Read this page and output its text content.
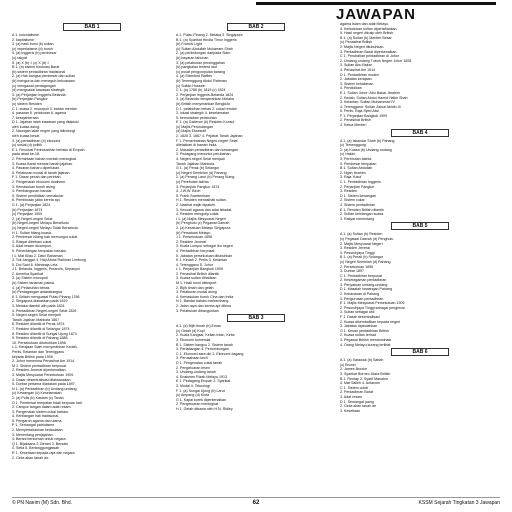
JAWAPAN
BAB 1
A 1. kolonialisme
2. kapitalisme
3. (a) hasil bumi (b) sultan
(c) imperialisme (d) buruh
4. (a) Inggeris (b) pembesar
(c) rakyat
5. (a) X (b) √ (c) X (d) √
B 1. (a) sistem birokrasi Barat
(b) sistem pentadbiran tradisional
2. (a) Hak bangsa pembesar dan sultan
(b) mengurus dan meneguh kekuasaan
(c) mengawal perdagangan
(d) menguasai kawasan strategik
3. (a) Perjanjian Inggeris-Belanda
(b) Perjanjian Pangkor
(c) sistem Residen
C 1. kuasa 2. monopoli 3. bahan mentah
4. pasaran 5. pelaburan 6. agama
7. kesejahteraan
D 1. Jajahan ialah kawasan yang ditakluki
oleh kuasa asing.
2. Naungan ialah negeri yang dilindungi
oleh kuasa besar.
3. (a) pentadbiran (b) ekonomi
(c) sosial (d) politik
E 1. Revolusi Perindustrian berlaku di Eropah
pada abad ke-18.
2. Permintaan bahan mentah meningkat.
3. Kuasa Barat mencari tanah jajahan.
4. Pasaran baharu diperlukan.
5. Pelaburan modal di tanah jajahan.
F 1. Dasar pecah dan perintah.
2. Pengenalan ekonomi dualisme.
3. Kemasukan buruh asing.
4. Pembangunan bandar.
5. Sistem pendidikan vernakular.
6. Pembinaan jalan kereta api.
G 1. (a) Perjanjian 1824
(b) Perjanjian 1874
(c) Perjanjian 1909
2. (a) Negeri-negeri Selat
(b) Negeri-negeri Melayu Bersekutu
(c) Negeri-negeri Melayu Tidak Bersekutu
H 1. Sultan hilang kuasa.
2. Pembesar hilang hak memungut cukai.
3. Rakyat dibebani cukai.
4. Adat resam dicampuri.
5. Penentangan tempatan berlaku.
I 1. Mat Kilau 2. Dato' Bahaman
3. Tok Janggut 4. Haji Abdul Rahman Limbong
5. Dol Said 6. Maharaja Lela
J 1. Belanda, Inggeris, Perancis, Sepanyol
2. Amerika Syarikat
3. (a) Sistem monopoli
(b) Sistem tanaman paksa
4. (a) Pelabuhan bebas
(b) Perdagangan antarabangsa
K 1. Britain menguasai Pulau Pinang 1786
2. Singapura diasaskan pada 1819
3. Melaka diambil alih pada 1824
4. Pentadbiran Negeri-negeri Selat 1826
5. Negeri-negeri Selat menjadi
Tanah Jajahan Mahkota 1867
6. Residen dilantik di Perak 1874
7. Residen dilantik di Selangor 1874
8. Residen dilantik di Sungai Ujong 1874
9. Residen dilantik di Pahang 1888
10. Persekutuan ditubuhkan 1896
L 1. Kerajaan Siam menyerahkan Kedah,
Perlis, Kelantan dan Terengganu
kepada British pada 1909.
2. Johor menerima Penasihat Am 1914.
M 1. Sistem pentadbiran berpusat.
2. Residen-Jeneral diperkenalkan.
3. Majlis Mesyuarat Persekutuan 1909.
4. Dasar desentralisasi dilaksanakan.
5. Durbar pertama diadakan pada 1897.
N 1. (a) Pentadbiran (b) Undang-undang
(c) Kewangan (d) Keselamatan
2. (a) Polis (b) Kastam (c) Tanah
O 1. Pembesar tempatan tidak berpuas hati.
2. Campur tangan dalam adat resam.
3. Pengenalan sistem cukai baharu.
4. Kehilangan hak tradisional.
5. Pengaruh agama dan ulama.
P 1. Semangat patriotisme.
2. Mempertahankan kedaulatan.
3. Menentang penjajahan.
4. Berani berkorban untuk negara.
Q 1. Bijaksana 2. Berani 3. Bersatu
4. Setia 5. Bertanggungjawab
R 1. Kesetiaan kepada raja dan negara.
2. Cinta akan tanah air.
BAB 2
A 1. Pulau Pinang 2. Melaka 3. Singapura
B 1. (a) Syarikat Hindia Timur Inggeris
(b) Francis Light
(c) Sultan Abdullah Mukarram Shah
2. (a) perlindungan daripada Siam
(b) bayaran tahunan
3. (a) pelabuhan persinggahan
(b) pangkalan tentera laut
(c) pusat pengumpulan barang
4. (a) Stamford Raffles
(b) Temenggung Abdul Rahman
(c) Sultan Hussein
C 1. (a) 1786 (b) 1819 (c) 1824
2. Perjanjian Inggeris-Belanda 1824
3. (a) Belanda menyerahkan Melaka
(b) British menyerahkan Bengkulu
D 1. pelabuhan bebas 2. cukai rendah
3. lokasi strategik 4. keselamatan
5. kemudahan pelabuhan
E 1. (a) Gabenor (b) Residen Konsul
(c) Majlis Perundangan
(d) Majlis Eksekutif
2. 1826 3. 1867 4. Pejabat Tanah Jajahan
F 1. Pemerintahan Negeri-negeri Selat
diletakkan di bawah India.
2. Masalah pentadbiran dan kewangan.
3. Pedagang menuntut perubahan.
4. Negeri-negeri Selat menjadi
Tanah Jajahan Mahkota.
G 1. (a) Perak (b) Selangor
(c) Negeri Sembilan (d) Pahang
2. (a) Perang Larut (b) Perang Klang
(c) Perebutan takhta
3. Perjanjian Pangkor 1874
4. J.W.W. Birch
5. Frank Swettenham
H 1. Residen menasihati sultan.
2. Nasihat wajib dipatuhi.
3. Kecuali agama dan adat istiadat.
4. Residen mengutip cukai.
I 1. (a) Majlis Mesyuarat Negeri
(b) Penghulu (c) Pegawai Daerah
2. (a) Kesatuan Melayu Singapura
(b) Persatuan Melayu
J 1. Persekutuan 1896
2. Residen Jeneral
3. Kuala Lumpur sebagai ibu negeri
4. Pentadbiran berpusat
5. Jabatan persekutuan ditubuhkan
K 1. Kedah 2. Perlis 3. Kelantan
4. Terengganu 5. Johor
L 1. Perjanjian Bangkok 1909
2. Penasihat British dilantik
3. Kuasa sultan dihadkan
M 1. Hasil bumi dieksport
2. Bijih timah dan getah
3. Pelaburan modal asing
4. Kemasukan buruh Cina dan India
N 1. Bandar baharu berkembang
2. Jalan raya dan kereta api dibina
3. Pelabuhan dibangunkan
BAB 3
A 1. (a) Bijih timah (b) Emas
(c) Getah (d) Kopi
2. Kuala Kangsar, Kelian Intan, Kinta
3. Ekonomi komersial
B 1. Sistem kangcu 2. Sistem tanah
3. Perladangan 4. Perlombongan
C 1. Ekonomi sara diri 2. Ekonomi dagang
3. Perusahaan kecil
D 1. Pengenalan cukai tanah
2. Pengeluaran lesen
3. Undang-undang tanah
4. Enakmen Rizab Melayu 1913
E 1. Pedagang Eropah 2. Syarikat
3. Modal 4. Teknologi
F 1. (a) Sungai Ujong (b) Larut
(c) Ampang (d) Kinta
G 1. Kapal korek diperkenalkan
2. Pengeluaran meningkat
H 1. Getah dibawa oleh H.N. Ridley
agama Islam dan adat Melayu.
4. Kedudukan sultan dipertahankan.
5. Hasil negeri dikutip oleh British.
B 1. (a) Sultan (b) Menteri Besar
(c) Penasihat British
2. Majlis Negeri ditubuhkan.
3. Pentadbiran Barat diperkenalkan.
C 1. Perubahan pentadbiran di Johor
2. Undang-undang Tubuh Negeri Johor 1895
3. Sultan Abu Bakar
4. Penasihat Am 1914
D 1. Pentadbiran moden
2. Jabatan kerajaan
3. Sistem kehakiman
4. Pendidikan
E 1. Sultan Johor: Abu Bakar, Ibrahim
2. Kedah: Sultan Abdul Hamid Halim Shah
3. Kelantan: Sultan Muhammad IV
4. Terengganu: Sultan Zainal Abidin III
5. Perlis: Raja Syed Alwi
F 1. Perjanjian Bangkok 1909
2. Penasihat British
3. Ketua Menteri
BAB 4
A 1. (a) Iskandar Shah (b) Pahang
(c) Temenggung
2. (a) Kuasa (b) Undang-undang
(c) Hakim
3. Perebutan takhta
4. Pembesar tempatan
B 1. Sultan Abdullah
2. Ngah Ibrahim
3. Raja Yusuf
C 1. Pentadbiran Inggeris
2. Perjanjian Pangkor
3. Residen
D 1. Sistem kewangan
2. Sistem cukai
3. Sistem pentadbiran
E 1. Residen British dilantik
2. Sultan kehilangan kuasa
3. Rakyat menentang
BAB 5
A 1. (a) Sultan (b) Residen
(c) Pegawai Daerah (d) Penghulu
2. Majlis Mesyuarat Negeri
3. Residen Jeneral
4. Pesuruhjaya Tinggi
B 1. (a) Perak (b) Selangor
(c) Negeri Sembilan (d) Pahang
2. Persekutuan 1896
3. Durbar 1897
C 1. Pentadbiran berpusat
2. Keseragaman pentadbiran
3. Penyatuan undang-undang
D 1. Masalah kewangan Pahang
2. Kekacauan di Pahang
3. Pengurusan pentadbiran
E 1. Majlis Mesyuarat Persekutuan 1909
2. Pesuruhjaya Tinggi sebagai pengerusi
3. Sultan sebagai ahli
F 1. Dasar desentralisasi
2. Kuasa dikembalikan kepada negeri
3. Jabatan dipindahkan
G 1. Kesan pentadbiran British
2. Kuasa sultan terhad
3. Pegawai British mendominasi
4. Orang Melayu kurang terlibat
BAB 6
A 1. (a) Sarawak (b) Sabah
(c) Brunei
2. James Brooke
3. Syarikat Borneo Utara British
B 1. Rentap 2. Syarif Masahor
3. Mat Salleh 4. Antanom
C 1. Sistem cukai
2. Pentadbiran Barat
3. Adat resam
D 1. Semangat juang
2. Cinta akan tanah air
3. Kesetiaan
© PN Naeim (M) Sdn. Bhd.	62	KSSM Sejarah Tingkatan 3 Jawapan
